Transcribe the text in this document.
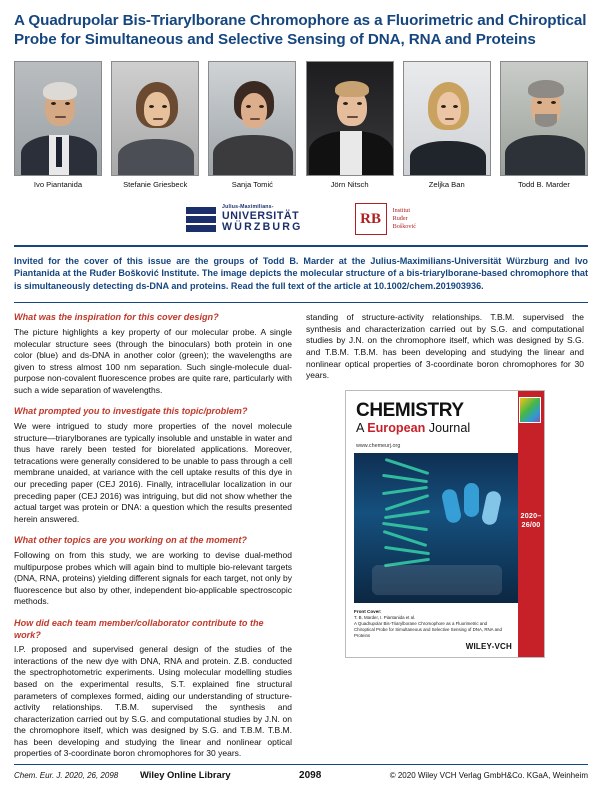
A Quadrupolar Bis-Triarylborane Chromophore as a Fluorimetric and Chiroptical Probe for Simultaneous and Selective Sensing of DNA, RNA and Proteins
Ivo Piantanida	Stefanie Griesbeck	Sanja Tomić	Jörn Nitsch	Zeljka Ban	Todd B. Marder
Julius-Maximilians-
UNIVERSITÄT
WÜRZBURG
RB	Institut
Ruđer
Bošković
Invited for the cover of this issue are the groups of Todd B. Marder at the Julius-Maximilians-Universität Würzburg and Ivo Piantanida at the Ruđer Bošković Institute. The image depicts the molecular structure of a bis-triarylborane-based chromophore that is simultaneously detecting ds-DNA and proteins. Read the full text of the article at 10.1002/chem.201903936.
What was the inspiration for this cover design?
The picture highlights a key property of our molecular probe. A single molecular structure sees (through the binoculars) both protein in one color (blue) and ds-DNA in another color (green); the wavelengths are given to stress almost 100 nm separation. Such single-molecule dual-purpose non-covalent fluorescence probes are quite rare, particularly with such a wide separation of wavelengths.
What prompted you to investigate this topic/problem?
We were intrigued to study more properties of the novel molecule structure—triarylboranes are typically insoluble and unstable in water and thus have rarely been tested for biorelated applications. Moreover, tetracations were generally considered to be unable to pass through a cell membrane unaided, at variance with the cell uptake results of this dye in our preceding paper (CEJ 2016). Finally, intracellular localization in our preceding paper (CEJ 2016) was intriguing, but did not show whether the actual target was protein or DNA: a question which the results presented herein answered.
What other topics are you working on at the moment?
Following on from this study, we are working to devise dual-method multipurpose probes which will again bind to multiple bio-relevant targets (DNA, RNA, proteins) yielding different signals for each target, not only by fluorescence but also by other, independent bio-applicable spectroscopic methods.
How did each team member/collaborator contribute to the work?
I.P. proposed and supervised general design of the studies of the interactions of the new dye with DNA, RNA and protein. Z.B. conducted the spectrophotometric experiments. Using molecular modelling studies based on the experimental results, S.T. explained fine structural parameters of complexes formed, aiding our understanding of structure-activity relationships. T.B.M. supervised the synthesis and characterization carried out by S.G. and computational studies by J.N. on the chromophore itself, which was designed by S.G. and T.B.M. T.B.M. has been developing and studying the linear and nonlinear optical properties of 3-coordinate boron chromophores for 30 years.

standing of structure-activity relationships. T.B.M. supervised the synthesis and characterization carried out by S.G. and computational studies by J.N. on the chromophore itself, which was designed by S.G. and T.B.M. T.B.M. has been developing and studying the linear and nonlinear optical properties of 3-coordinate boron chromophores for 30 years.

2020–26/00
CHEMISTRY
A European Journal
www.chemeurj.org
Front Cover:
T. B. Marder, I. Piantanida et al.
A Quadrupolar Bis-Triarylborane Chromophore as a Fluorimetric and Chiroptical Probe for Simultaneous and Selective Sensing of DNA, RNA and Proteins
WILEY-VCH
Chem. Eur. J. 2020, 26, 2098	Wiley Online Library	2098	© 2020 Wiley VCH Verlag GmbH&Co. KGaA, Weinheim
